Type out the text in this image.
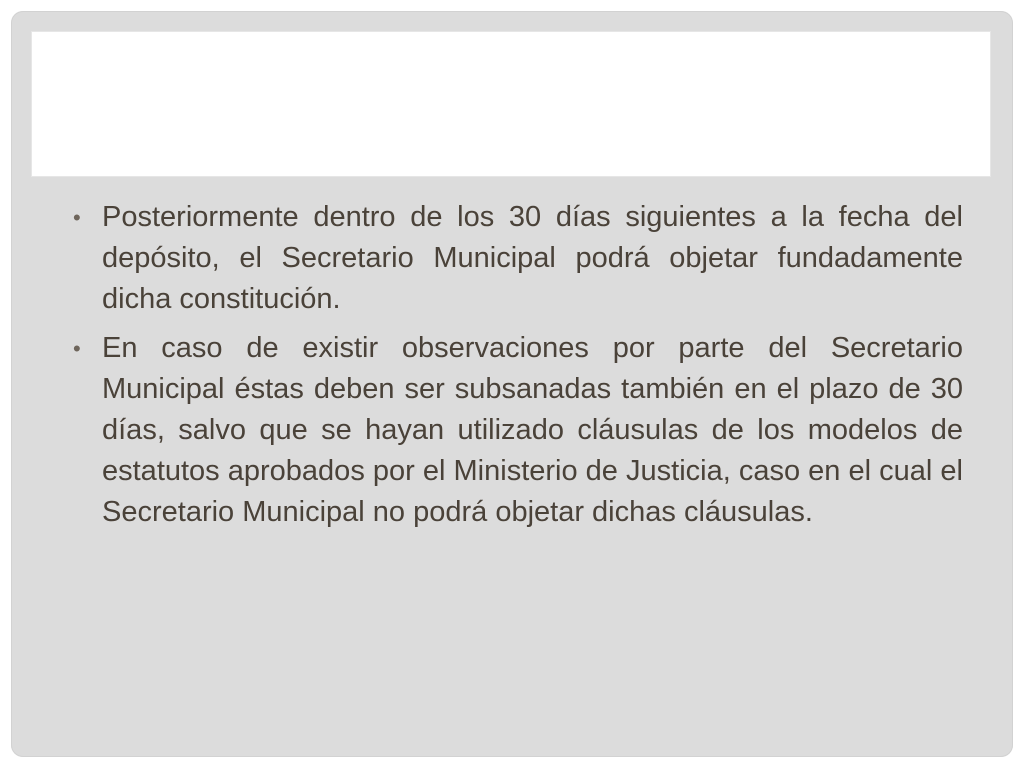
• Posteriormente dentro de los 30 días siguientes a la fecha del depósito, el Secretario Municipal podrá objetar fundadamente dicha constitución.
• En caso de existir observaciones por parte del Secretario Municipal éstas deben ser subsanadas también en el plazo de 30 días, salvo que se hayan utilizado cláusulas de los modelos de estatutos aprobados por el Ministerio de Justicia, caso en el cual el Secretario Municipal no podrá objetar dichas cláusulas.
